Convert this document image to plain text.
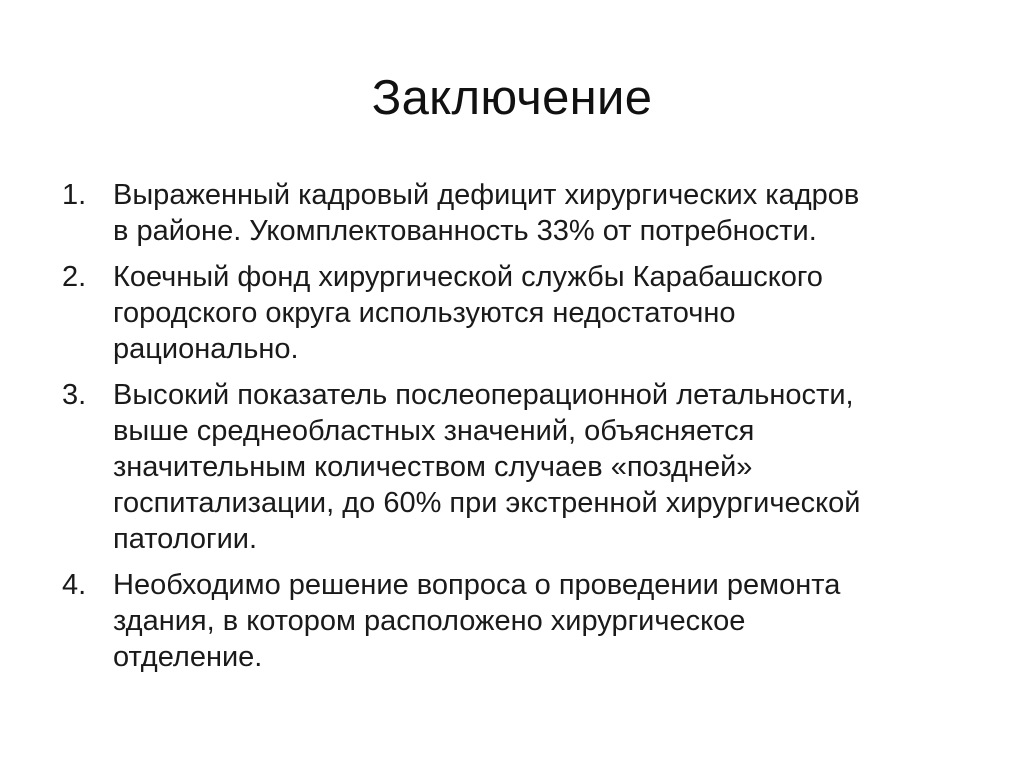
Заключение
1. Выраженный кадровый дефицит хирургических кадров
в районе. Укомплектованность 33% от потребности.
2. Коечный фонд хирургической службы Карабашского
городского округа используются недостаточно
рационально.
3. Высокий показатель послеоперационной летальности,
выше среднеобластных значений, объясняется
значительным количеством случаев «поздней»
госпитализации, до 60% при экстренной хирургической
патологии.
4. Необходимо решение вопроса о проведении ремонта
здания, в котором расположено хирургическое
отделение.
